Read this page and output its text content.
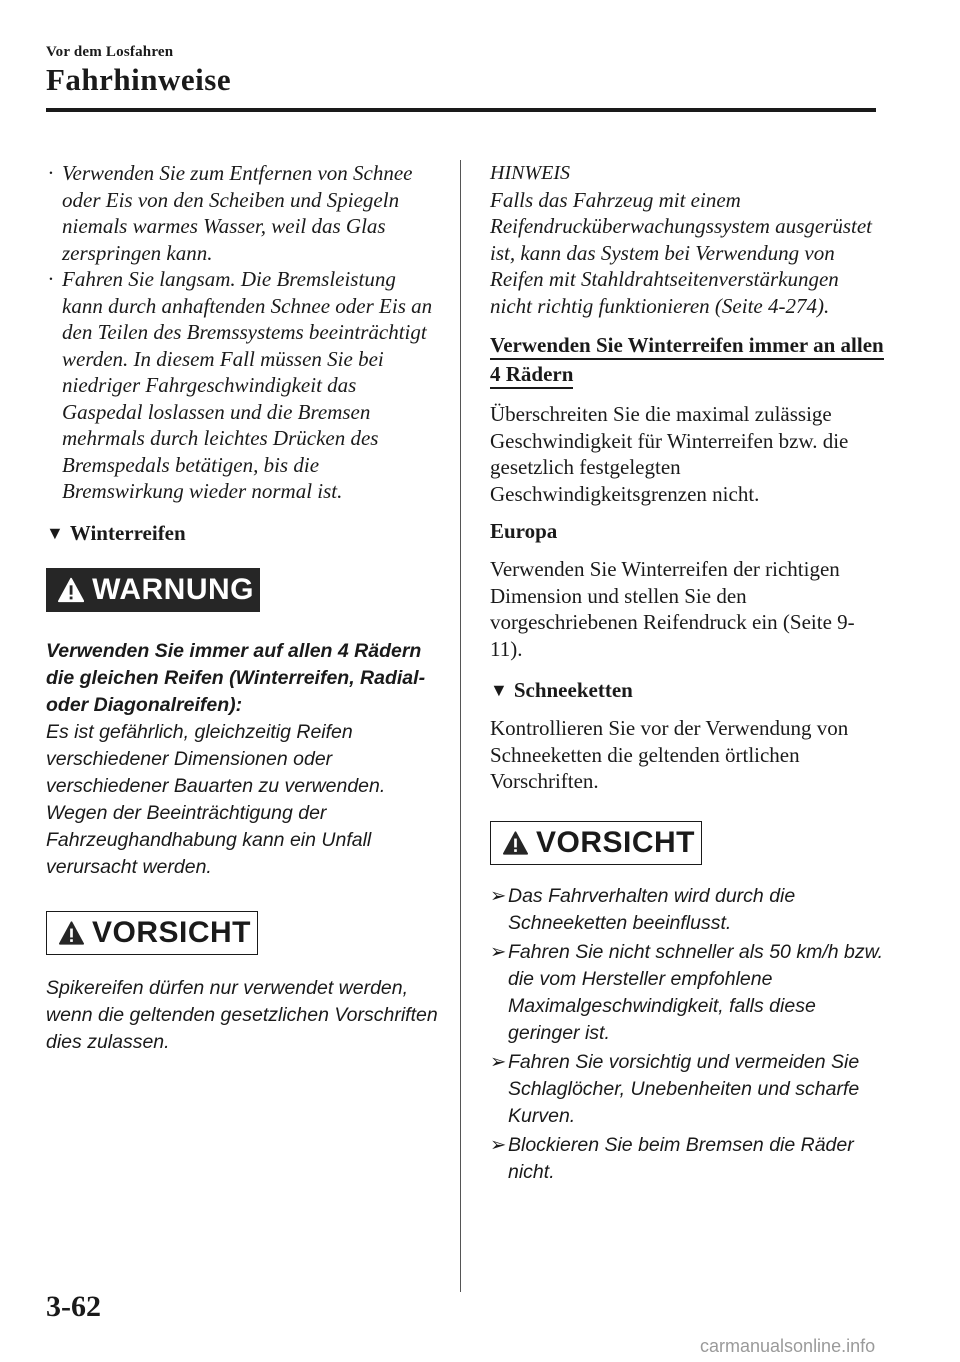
Vor dem Losfahren
Fahrhinweise
· Verwenden Sie zum Entfernen von Schnee oder Eis von den Scheiben und Spiegeln niemals warmes Wasser, weil das Glas zerspringen kann.
· Fahren Sie langsam. Die Bremsleistung kann durch anhaftenden Schnee oder Eis an den Teilen des Bremssystems beeinträchtigt werden. In diesem Fall müssen Sie bei niedriger Fahrgeschwindigkeit das Gaspedal loslassen und die Bremsen mehrmals durch leichtes Drücken des Bremspedals betätigen, bis die Bremswirkung wieder normal ist.
▼ Winterreifen
WARNUNG
Verwenden Sie immer auf allen 4 Rädern die gleichen Reifen (Winterreifen, Radial- oder Diagonalreifen):
Es ist gefährlich, gleichzeitig Reifen verschiedener Dimensionen oder verschiedener Bauarten zu verwenden. Wegen der Beeinträchtigung der Fahrzeughandhabung kann ein Unfall verursacht werden.
VORSICHT
Spikereifen dürfen nur verwendet werden, wenn die geltenden gesetzlichen Vorschriften dies zulassen.
HINWEIS
Falls das Fahrzeug mit einem Reifendrucküberwachungssystem ausgerüstet ist, kann das System bei Verwendung von Reifen mit Stahldrahtseitenverstärkungen nicht richtig funktionieren (Seite 4-274).
Verwenden Sie Winterreifen immer an allen 4 Rädern
Überschreiten Sie die maximal zulässige Geschwindigkeit für Winterreifen bzw. die gesetzlich festgelegten Geschwindigkeitsgrenzen nicht.
Europa
Verwenden Sie Winterreifen der richtigen Dimension und stellen Sie den vorgeschriebenen Reifendruck ein (Seite 9-11).
▼ Schneeketten
Kontrollieren Sie vor der Verwendung von Schneeketten die geltenden örtlichen Vorschriften.
VORSICHT
➢ Das Fahrverhalten wird durch die Schneeketten beeinflusst.
➢ Fahren Sie nicht schneller als 50 km/h bzw. die vom Hersteller empfohlene Maximalgeschwindigkeit, falls diese geringer ist.
➢ Fahren Sie vorsichtig und vermeiden Sie Schlaglöcher, Unebenheiten und scharfe Kurven.
➢ Blockieren Sie beim Bremsen die Räder nicht.
3-62
carmanualsonline.info
